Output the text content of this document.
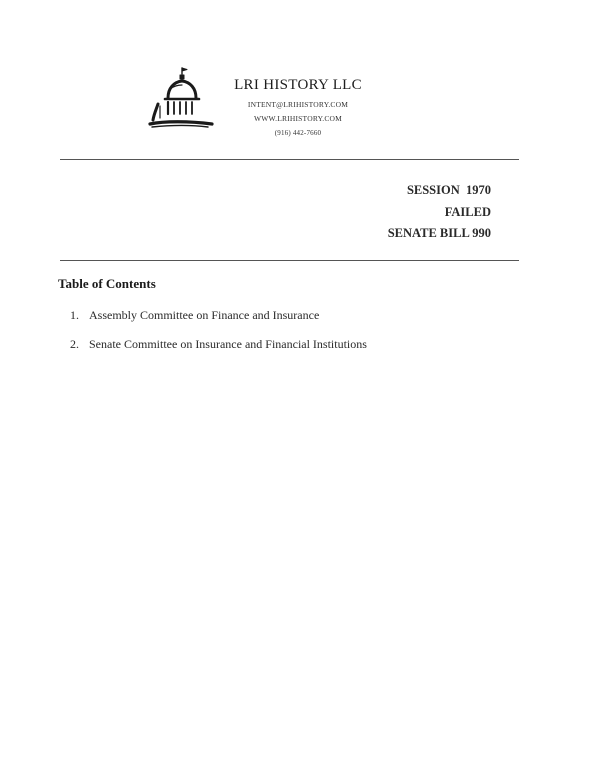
LRI HISTORY LLC
INTENT@LRIHISTORY.COM
WWW.LRIHISTORY.COM
(916) 442-7660
SESSION  1970
FAILED
SENATE BILL 990
Table of Contents
1. Assembly Committee on Finance and Insurance
2. Senate Committee on Insurance and Financial Institutions
